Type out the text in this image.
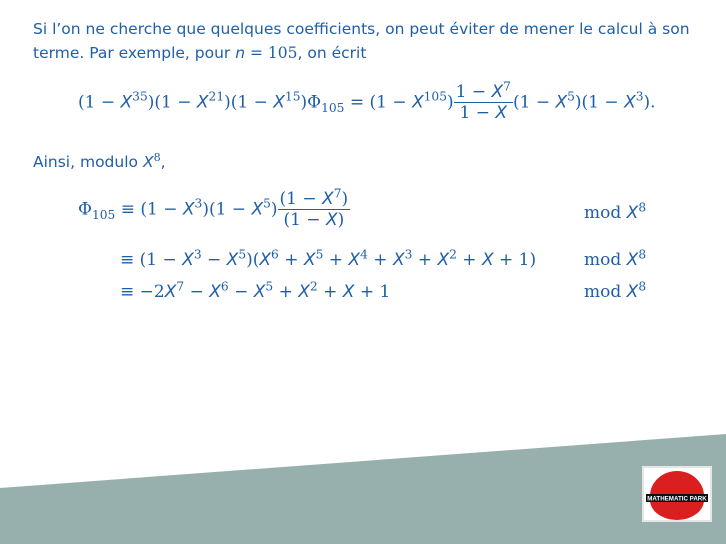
Si l’on ne cherche que quelques coefficients, on peut éviter de mener le calcul à son
terme. Par exemple, pour n = 105, on écrit
$(1 - X^{35})(1 - X^{21})(1 - X^{15})\Phi_{105} = (1 - X^{105}) \frac{1 - X^7}{1 - X} (1 - X^5)(1 - X^3)$.
Ainsi, modulo $X^8$,
$\Phi_{105} \equiv (1 - X^3)(1 - X^5) \frac{(1 - X^7)}{(1 - X)}$	mod $X^8$
≡ $(1 - X^3 - X^5)(X^6 + X^5 + X^4 + X^3 + X^2 + X + 1)$	mod $X^8$
≡ $-2X^7 - X^6 - X^5 + X^2 + X + 1$	mod $X^8$
MATHEMATIC PARK
